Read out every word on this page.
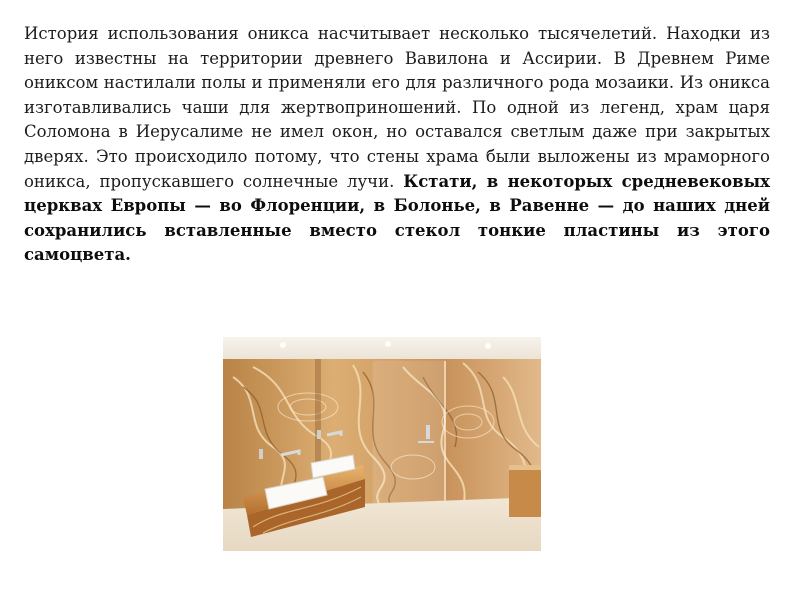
История использования оникса насчитывает несколько тысячелетий. Находки из него известны на территории древнего Вавилона и Ассирии. В Древнем Риме ониксом настилали полы и применяли его для различного рода мозаики. Из оникса изготавливались чаши для жертвоприношений. По одной из легенд, храм царя Соломона в Иерусалиме не имел окон, но оставался светлым даже при закрытых дверях. Это происходило потому, что стены храма были выложены из мраморного оникса, пропускавшего солнечные лучи. Кстати, в некоторых средневековых церквах Европы — во Флоренции, в Болонье, в Равенне — до наших дней сохранились вставленные вместо стекол тонкие пластины из этого самоцвета.
